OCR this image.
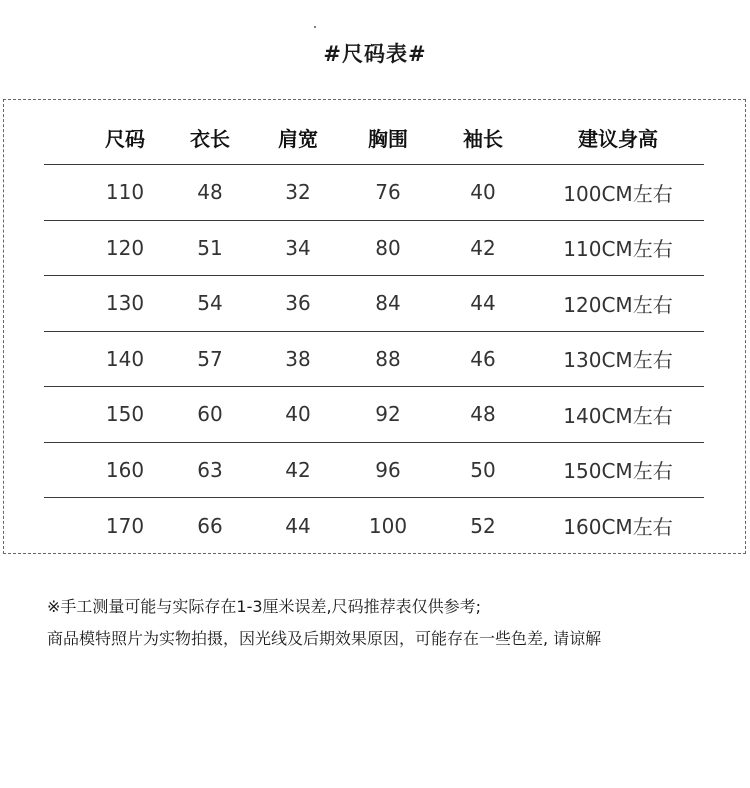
#尺码表#
尺码	衣长	肩宽	胸围	袖长	建议身高
110	48	32	76	40	100CM左右
120	51	34	80	42	110CM左右
130	54	36	84	44	120CM左右
140	57	38	88	46	130CM左右
150	60	40	92	48	140CM左右
160	63	42	96	50	150CM左右
170	66	44	100	52	160CM左右
※手工测量可能与实际存在1-3厘米误差,尺码推荐表仅供参考;
商品模特照片为实物拍摄，因光线及后期效果原因，可能存在一些色差, 请谅解
